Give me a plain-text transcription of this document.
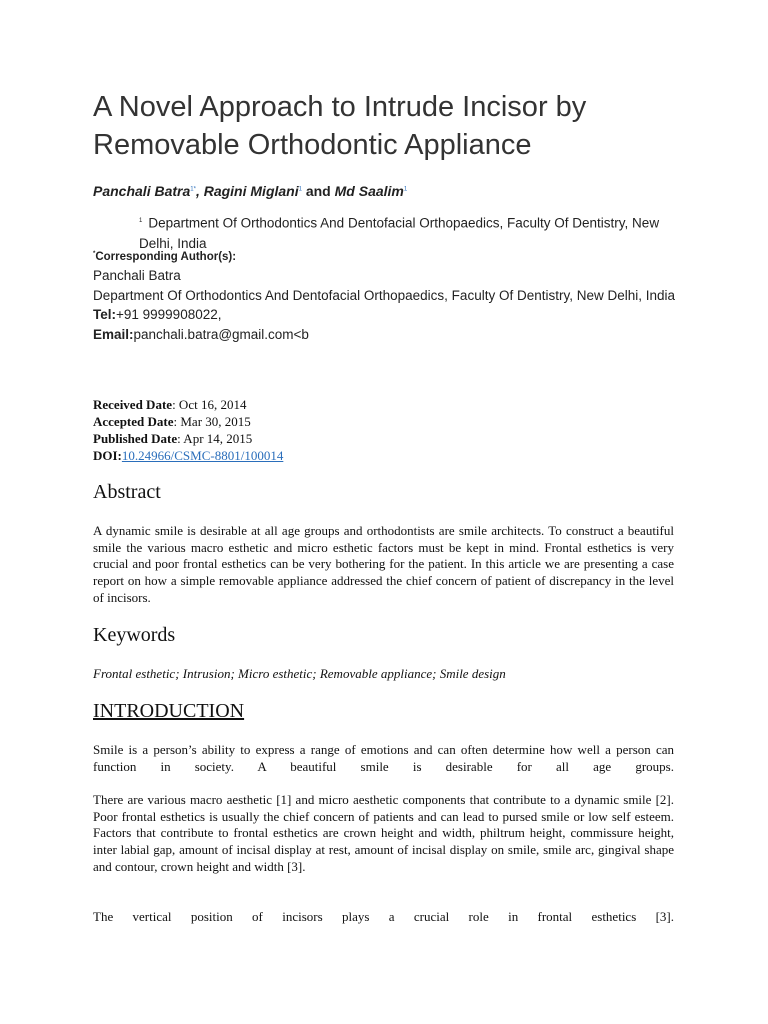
A Novel Approach to Intrude Incisor by Removable Orthodontic Appliance
Panchali Batra$^{1*}$, Ragini Miglani$^1$ and Md Saalim$^1$
$^1$ Department Of Orthodontics And Dentofacial Orthopaedics, Faculty Of Dentistry, New Delhi, India
*Corresponding Author(s):
Panchali Batra
Department Of Orthodontics And Dentofacial Orthopaedics, Faculty Of Dentistry, New Delhi, India
Tel:+91 9999908022,
Email:panchali.batra@gmail.com<b
Received Date: Oct 16, 2014
Accepted Date: Mar 30, 2015
Published Date: Apr 14, 2015
DOI:10.24966/CSMC-8801/100014
Abstract

A dynamic smile is desirable at all age groups and orthodontists are smile architects. To construct a beautiful smile the various macro esthetic and micro esthetic factors must be kept in mind. Frontal esthetics is very crucial and poor frontal esthetics can be very bothering for the patient. In this article we are presenting a case report on how a simple removable appliance addressed the chief concern of patient of discrepancy in the level of incisors.

Keywords
Frontal esthetic; Intrusion; Micro esthetic; Removable appliance; Smile design
INTRODUCTION

Smile is a person’s ability to express a range of emotions and can often determine how well a person can function in society. A beautiful smile is desirable for all age groups.

There are various macro aesthetic [1] and micro aesthetic components that contribute to a dynamic smile [2]. Poor frontal esthetics is usually the chief concern of patients and can lead to pursed smile or low self esteem. Factors that contribute to frontal esthetics are crown height and width, philtrum height, commissure height, inter labial gap, amount of incisal display at rest, amount of incisal display on smile, smile arc, gingival shape and contour, crown height and width [3].

The vertical position of incisors plays a crucial role in frontal esthetics [3].
